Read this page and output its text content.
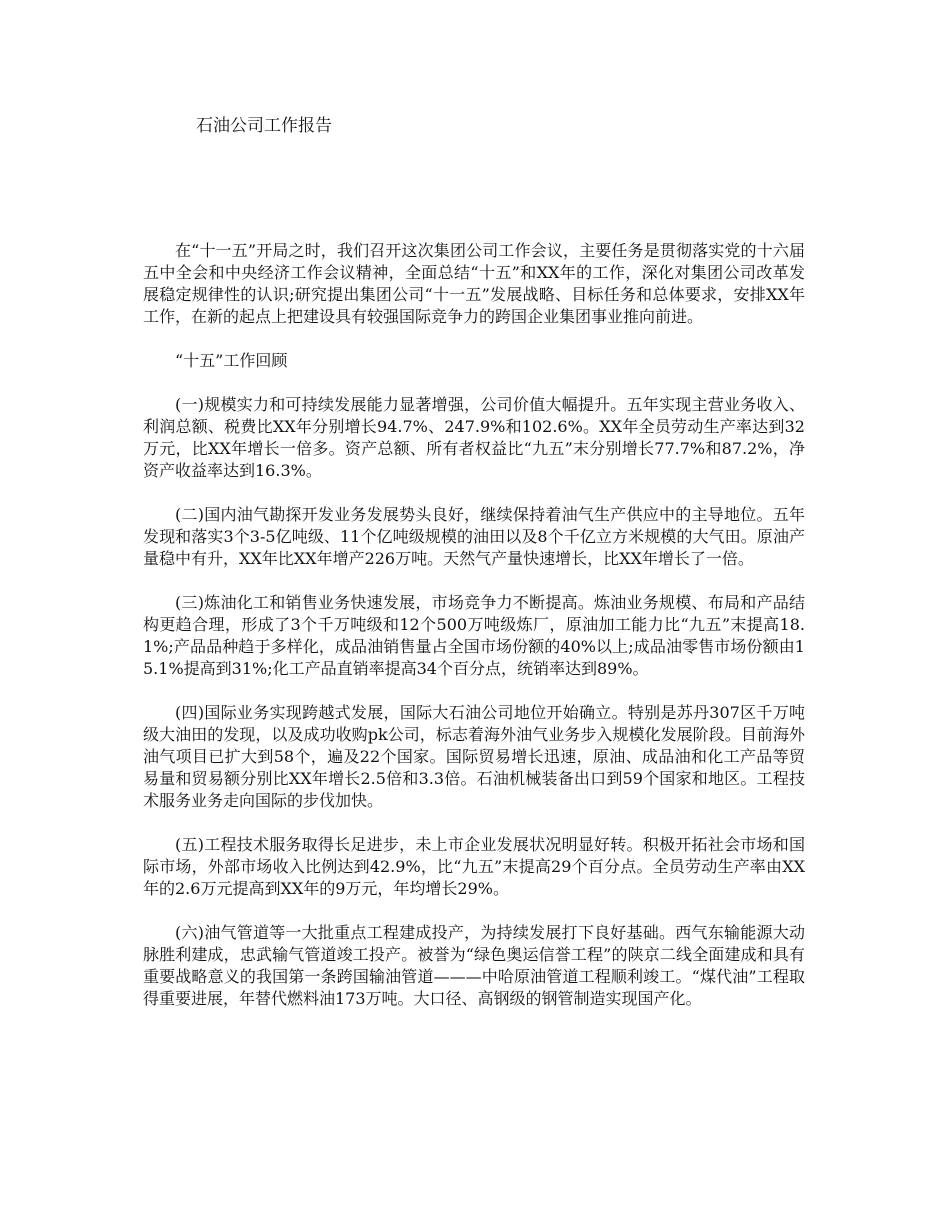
石油公司工作报告

在“十一五”开局之时，我们召开这次集团公司工作会议，主要任务是贯彻落实党的十六届五中全会和中央经济工作会议精神，全面总结“十五”和XX年的工作，深化对集团公司改革发展稳定规律性的认识;研究提出集团公司“十一五”发展战略、目标任务和总体要求，安排XX年工作，在新的起点上把建设具有较强国际竞争力的跨国企业集团事业推向前进。

“十五”工作回顾

(一)规模实力和可持续发展能力显著增强，公司价值大幅提升。五年实现主营业务收入、利润总额、税费比XX年分别增长94.7%、247.9%和102.6%。XX年全员劳动生产率达到32万元，比XX年增长一倍多。资产总额、所有者权益比“九五”末分别增长77.7%和87.2%，净资产收益率达到16.3%。

(二)国内油气勘探开发业务发展势头良好，继续保持着油气生产供应中的主导地位。五年发现和落实3个3-5亿吨级、11个亿吨级规模的油田以及8个千亿立方米规模的大气田。原油产量稳中有升，XX年比XX年增产226万吨。天然气产量快速增长，比XX年增长了一倍。

(三)炼油化工和销售业务快速发展，市场竞争力不断提高。炼油业务规模、布局和产品结构更趋合理，形成了3个千万吨级和12个500万吨级炼厂，原油加工能力比“九五”末提高18.1%;产品品种趋于多样化，成品油销售量占全国市场份额的40%以上;成品油零售市场份额由15.1%提高到31%;化工产品直销率提高34个百分点，统销率达到89%。

(四)国际业务实现跨越式发展，国际大石油公司地位开始确立。特别是苏丹307区千万吨级大油田的发现，以及成功收购pk公司，标志着海外油气业务步入规模化发展阶段。目前海外油气项目已扩大到58个，遍及22个国家。国际贸易增长迅速，原油、成品油和化工产品等贸易量和贸易额分别比XX年增长2.5倍和3.3倍。石油机械装备出口到59个国家和地区。工程技术服务业务走向国际的步伐加快。

(五)工程技术服务取得长足进步，未上市企业发展状况明显好转。积极开拓社会市场和国际市场，外部市场收入比例达到42.9%，比“九五”末提高29个百分点。全员劳动生产率由XX年的2.6万元提高到XX年的9万元，年均增长29%。

(六)油气管道等一大批重点工程建成投产，为持续发展打下良好基础。西气东输能源大动脉胜利建成，忠武输气管道竣工投产。被誉为“绿色奥运信誉工程”的陕京二线全面建成和具有重要战略意义的我国第一条跨国输油管道———中哈原油管道工程顺利竣工。“煤代油”工程取得重要进展，年替代燃料油173万吨。大口径、高钢级的钢管制造实现国产化。
